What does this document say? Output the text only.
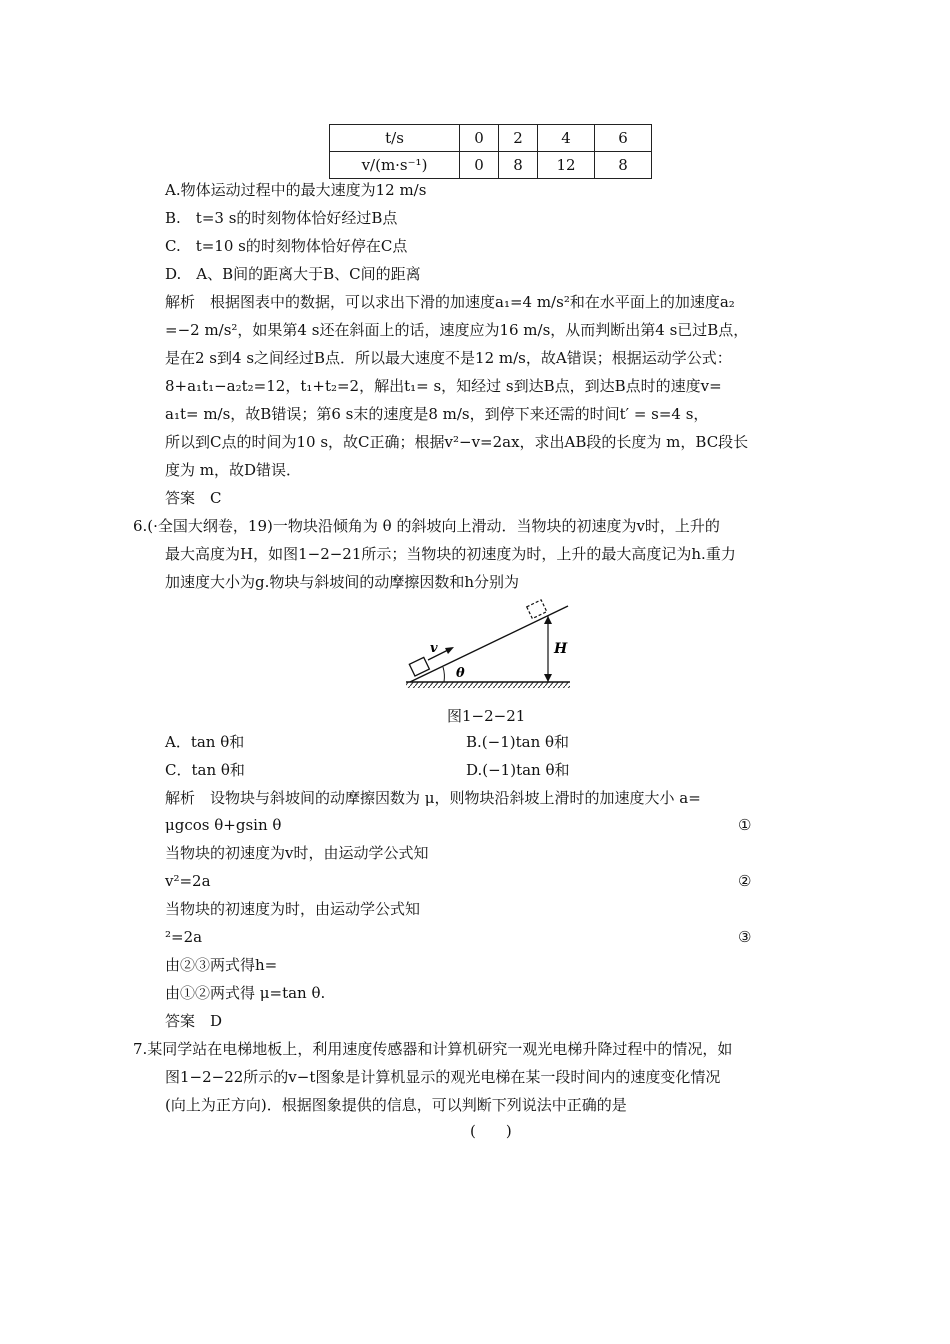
t/s	0	2	4	6
v/(m·s⁻¹)	0	8	12	8
A.物体运动过程中的最大速度为12 m/s
B.　t=3 s的时刻物体恰好经过B点
C.　t=10 s的时刻物体恰好停在C点
D.　A、B间的距离大于B、C间的距离
解析　根据图表中的数据，可以求出下滑的加速度a₁=4 m/s²和在水平面上的加速度a₂
=−2 m/s²，如果第4 s还在斜面上的话，速度应为16 m/s，从而判断出第4 s已过B点，
是在2 s到4 s之间经过B点．所以最大速度不是12 m/s，故A错误；根据运动学公式：
8+a₁t₁−a₂t₂=12，t₁+t₂=2，解出t₁= s，知经过 s到达B点，到达B点时的速度v=
a₁t= m/s，故B错误；第6 s末的速度是8 m/s，到停下来还需的时间t′ = s=4 s，
所以到C点的时间为10 s，故C正确；根据v²−v=2ax，求出AB段的长度为 m，BC段长
度为 m，故D错误．
答案　C
6.(·全国大纲卷，19)一物块沿倾角为 θ 的斜坡向上滑动．当物块的初速度为v时，上升的
最大高度为H，如图1−2−21所示；当物块的初速度为时，上升的最大高度记为h.重力
加速度大小为g.物块与斜坡间的动摩擦因数和h分别为
v
θ
H
图1−2−21
A．tan θ和	B.(−1)tan θ和
C．tan θ和	D.(−1)tan θ和
解析　设物块与斜坡间的动摩擦因数为 μ，则物块沿斜坡上滑时的加速度大小 a=
μgcos θ+gsin θ	①
当物块的初速度为v时，由运动学公式知
v²=2a	②
当物块的初速度为时，由运动学公式知
²=2a	③
由②③两式得h=
由①②两式得 μ=tan θ.
答案　D
7.某同学站在电梯地板上，利用速度传感器和计算机研究一观光电梯升降过程中的情况，如
图1−2−22所示的v−t图象是计算机显示的观光电梯在某一段时间内的速度变化情况
(向上为正方向)．根据图象提供的信息，可以判断下列说法中正确的是
(　　)
